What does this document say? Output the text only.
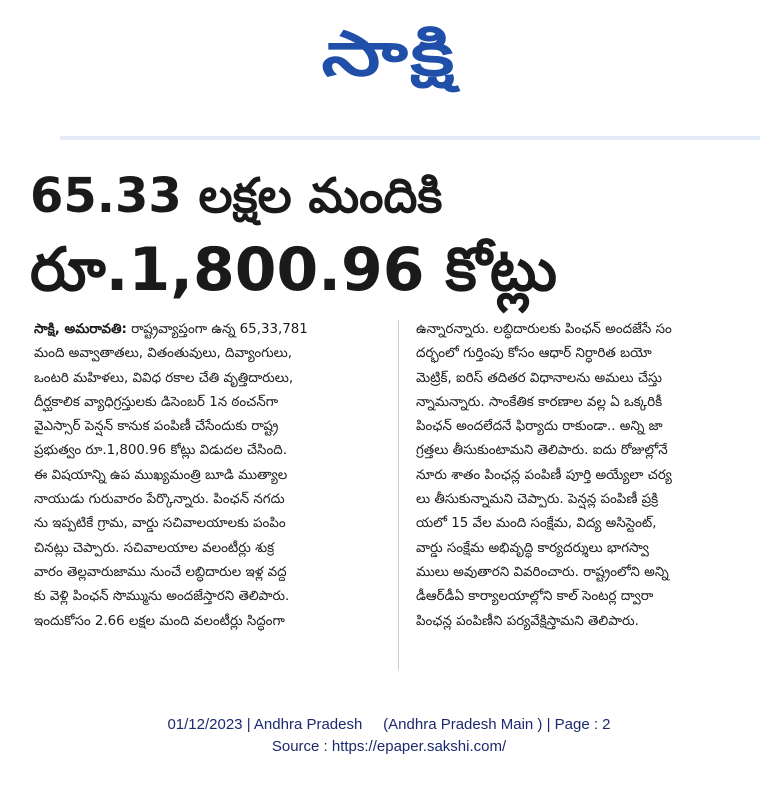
సాక్షి
65.33 లక్షల మందికి
రూ.1,800.96 కోట్లు
సాక్షి, అమరావతి: రాష్ట్రవ్యాప్తంగా ఉన్న 65,33,781
మంది అవ్వాతాతలు, వితంతువులు, దివ్యాంగులు,
ఒంటరి మహిళలు, వివిధ రకాల చేతి వృత్తిదారులు,
దీర్ఘకాలిక వ్యాధిగ్రస్తులకు డిసెంబర్ 1న ఠంచన్‌గా
వైఎస్సార్ పెన్షన్ కానుక పంపిణీ చేసేందుకు రాష్ట్ర
ప్రభుత్వం రూ.1,800.96 కోట్లు విడుదల చేసింది.
ఈ విషయాన్ని ఉప ముఖ్యమంత్రి బూడి ముత్యాల
నాయుడు గురువారం పేర్కొన్నారు. పింఛన్ నగదు
ను ఇప్పటికే గ్రామ, వార్డు సచివాలయాలకు పంపిం
చినట్లు చెప్పారు. సచివాలయాల వలంటీర్లు శుక్ర
వారం తెల్లవారుజాము నుంచే లబ్ధిదారుల ఇళ్ల వద్ద
కు వెళ్లి పింఛన్ సొమ్మును అందజేస్తారని తెలిపారు.
ఇందుకోసం 2.66 లక్షల మంది వలంటీర్లు సిద్ధంగా
ఉన్నారన్నారు. లబ్ధిదారులకు పింఛన్ అందజేసే సం
దర్భంలో గుర్తింపు కోసం ఆధార్ నిర్ధారిత బయో
మెట్రిక్, ఐరిస్ తదితర విధానాలను అమలు చేస్తు
న్నామన్నారు. సాంకేతిక కారణాల వల్ల ఏ ఒక్కరికీ
పింఛన్ అందలేదనే ఫిర్యాదు రాకుండా.. అన్ని జా
గ్రత్తలు తీసుకుంటామని తెలిపారు. ఐదు రోజుల్లోనే
నూరు శాతం పింఛన్ల పంపిణీ పూర్తి అయ్యేలా చర్య
లు తీసుకున్నామని చెప్పారు. పెన్షన్ల పంపిణీ ప్రక్రి
యలో 15 వేల మంది సంక్షేమ, విద్య అసిస్టెంట్,
వార్డు సంక్షేమ అభివృద్ధి కార్యదర్శులు భాగస్వా
ములు అవుతారని వివరించారు. రాష్ట్రంలోని అన్ని
డీఆర్‌డీఏ కార్యాలయాల్లోని కాల్ సెంటర్ల ద్వారా
పింఛన్ల పంపిణీని పర్యవేక్షిస్తామని తెలిపారు.
01/12/2023 | Andhra Pradesh     (Andhra Pradesh Main ) | Page : 2
Source : https://epaper.sakshi.com/
